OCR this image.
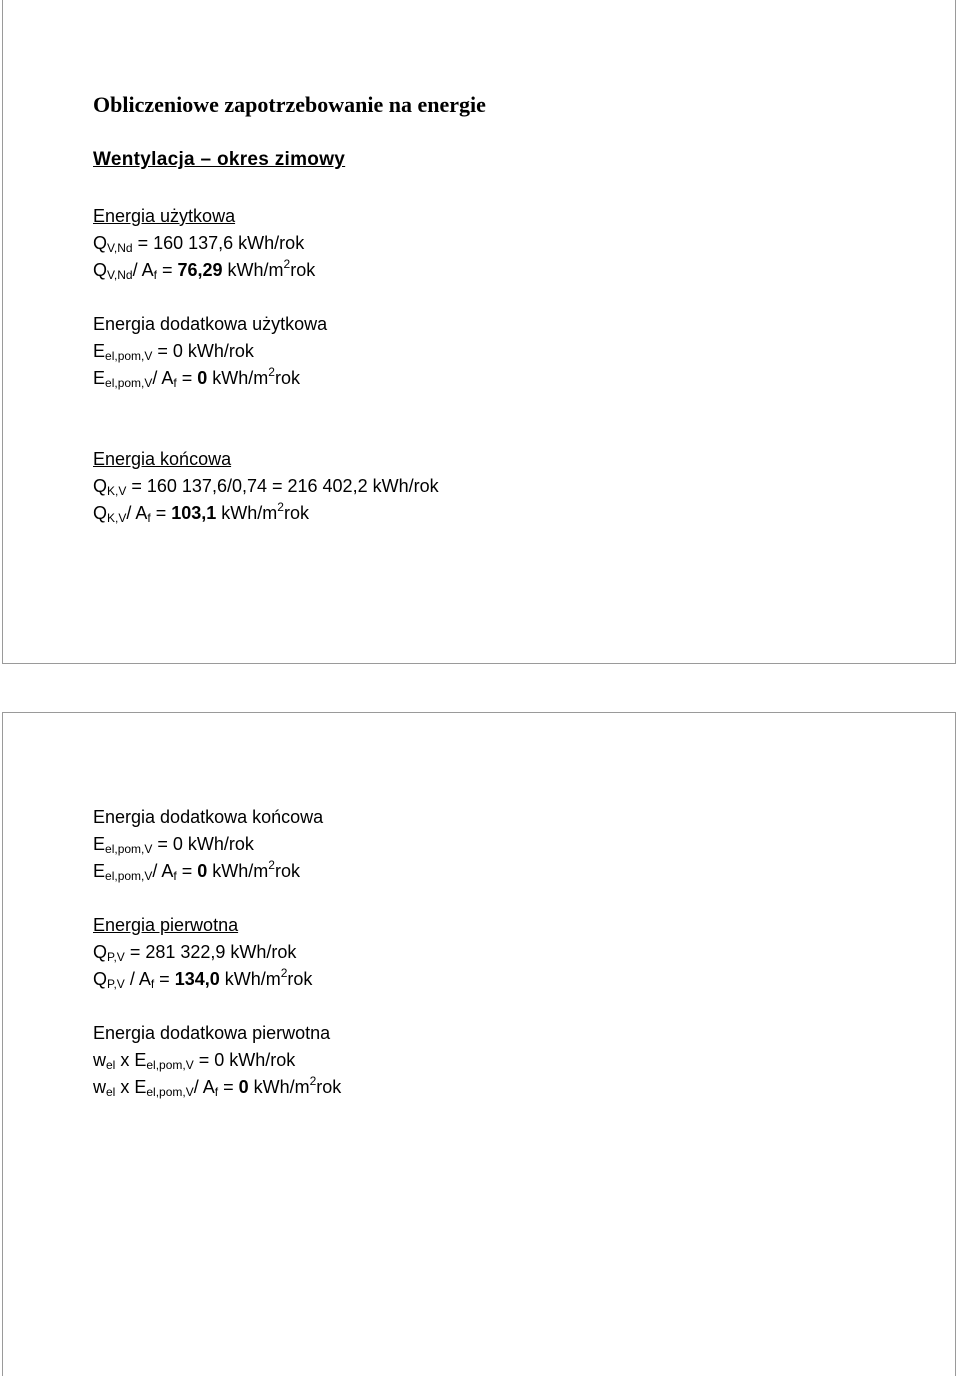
Obliczeniowe zapotrzebowanie na energie
Wentylacja – okres zimowy
Energia użytkowa
$Q_{V,Nd} = 160$ 137,6 kWh/rok
$Q_{V,Nd}/$ $A_f = 76,29$ kWh/$m^2rok$
Energia dodatkowa użytkowa
$E_{el,pom,V} = 0$ kWh/rok
$E_{el,pom,V}/$ $A_f = 0$ kWh/$m^2rok$
Energia końcowa
$Q_{K,V} = 160$ 137,6/0,74 = 216 402,2 kWh/rok
$Q_{K,V}/$ $A_f = 103,1$ kWh/$m^2rok$
Energia dodatkowa końcowa
$E_{el,pom,V} = 0$ kWh/rok
$E_{el,pom,V}/$ $A_f = 0$ kWh/$m^2rok$
Energia pierwotna
$Q_{P,V} = 281$ 322,9 kWh/rok
$Q_{P,V} / A_f = 134,0$ kWh/$m^2rok$
Energia dodatkowa pierwotna
$w_{el}$ x $E_{el,pom,V} = 0$ kWh/rok
$w_{el}$ x $E_{el,pom,V}/$ $A_f = 0$ kWh/$m^2rok$
